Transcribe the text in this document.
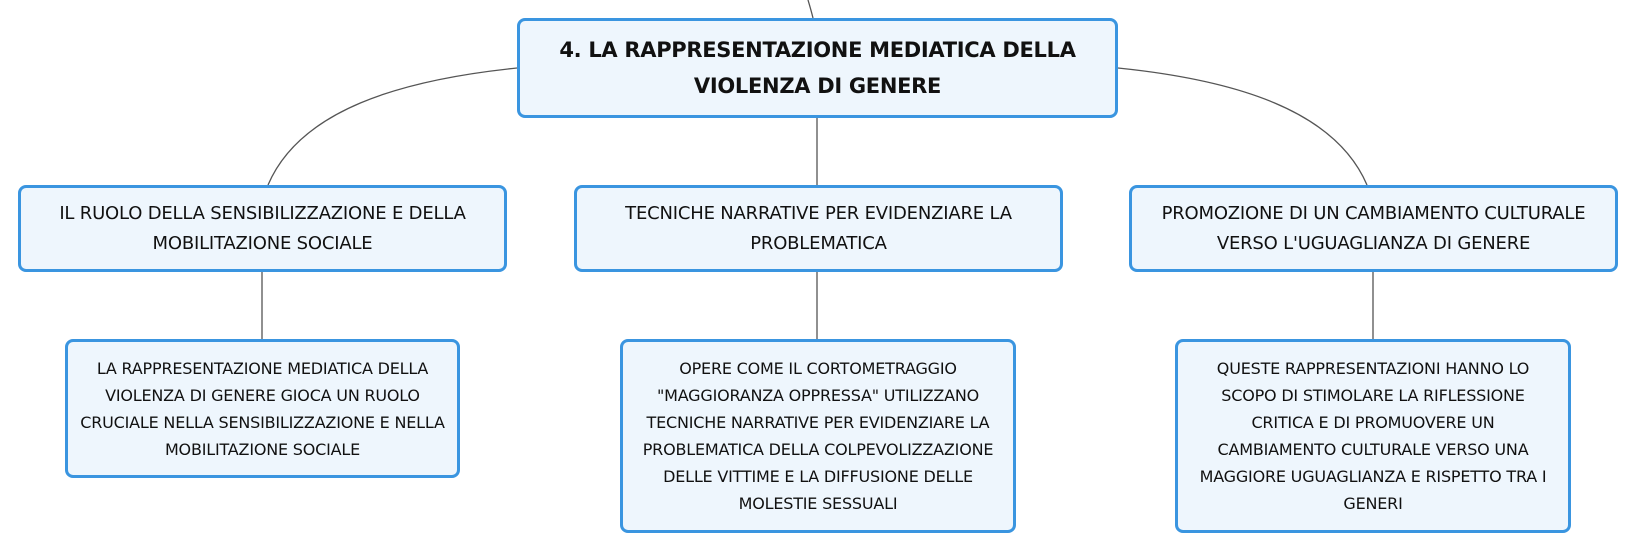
4. LA RAPPRESENTAZIONE MEDIATICA DELLA
VIOLENZA DI GENERE
IL RUOLO DELLA SENSIBILIZZAZIONE E DELLA
MOBILITAZIONE SOCIALE
TECNICHE NARRATIVE PER EVIDENZIARE LA
PROBLEMATICA
PROMOZIONE DI UN CAMBIAMENTO CULTURALE
VERSO L'UGUAGLIANZA DI GENERE
LA RAPPRESENTAZIONE MEDIATICA DELLA
VIOLENZA DI GENERE GIOCA UN RUOLO
CRUCIALE NELLA SENSIBILIZZAZIONE E NELLA
MOBILITAZIONE SOCIALE
OPERE COME IL CORTOMETRAGGIO
"MAGGIORANZA OPPRESSA" UTILIZZANO
TECNICHE NARRATIVE PER EVIDENZIARE LA
PROBLEMATICA DELLA COLPEVOLIZZAZIONE
DELLE VITTIME E LA DIFFUSIONE DELLE
MOLESTIE SESSUALI
QUESTE RAPPRESENTAZIONI HANNO LO
SCOPO DI STIMOLARE LA RIFLESSIONE
CRITICA E DI PROMUOVERE UN
CAMBIAMENTO CULTURALE VERSO UNA
MAGGIORE UGUAGLIANZA E RISPETTO TRA I
GENERI
